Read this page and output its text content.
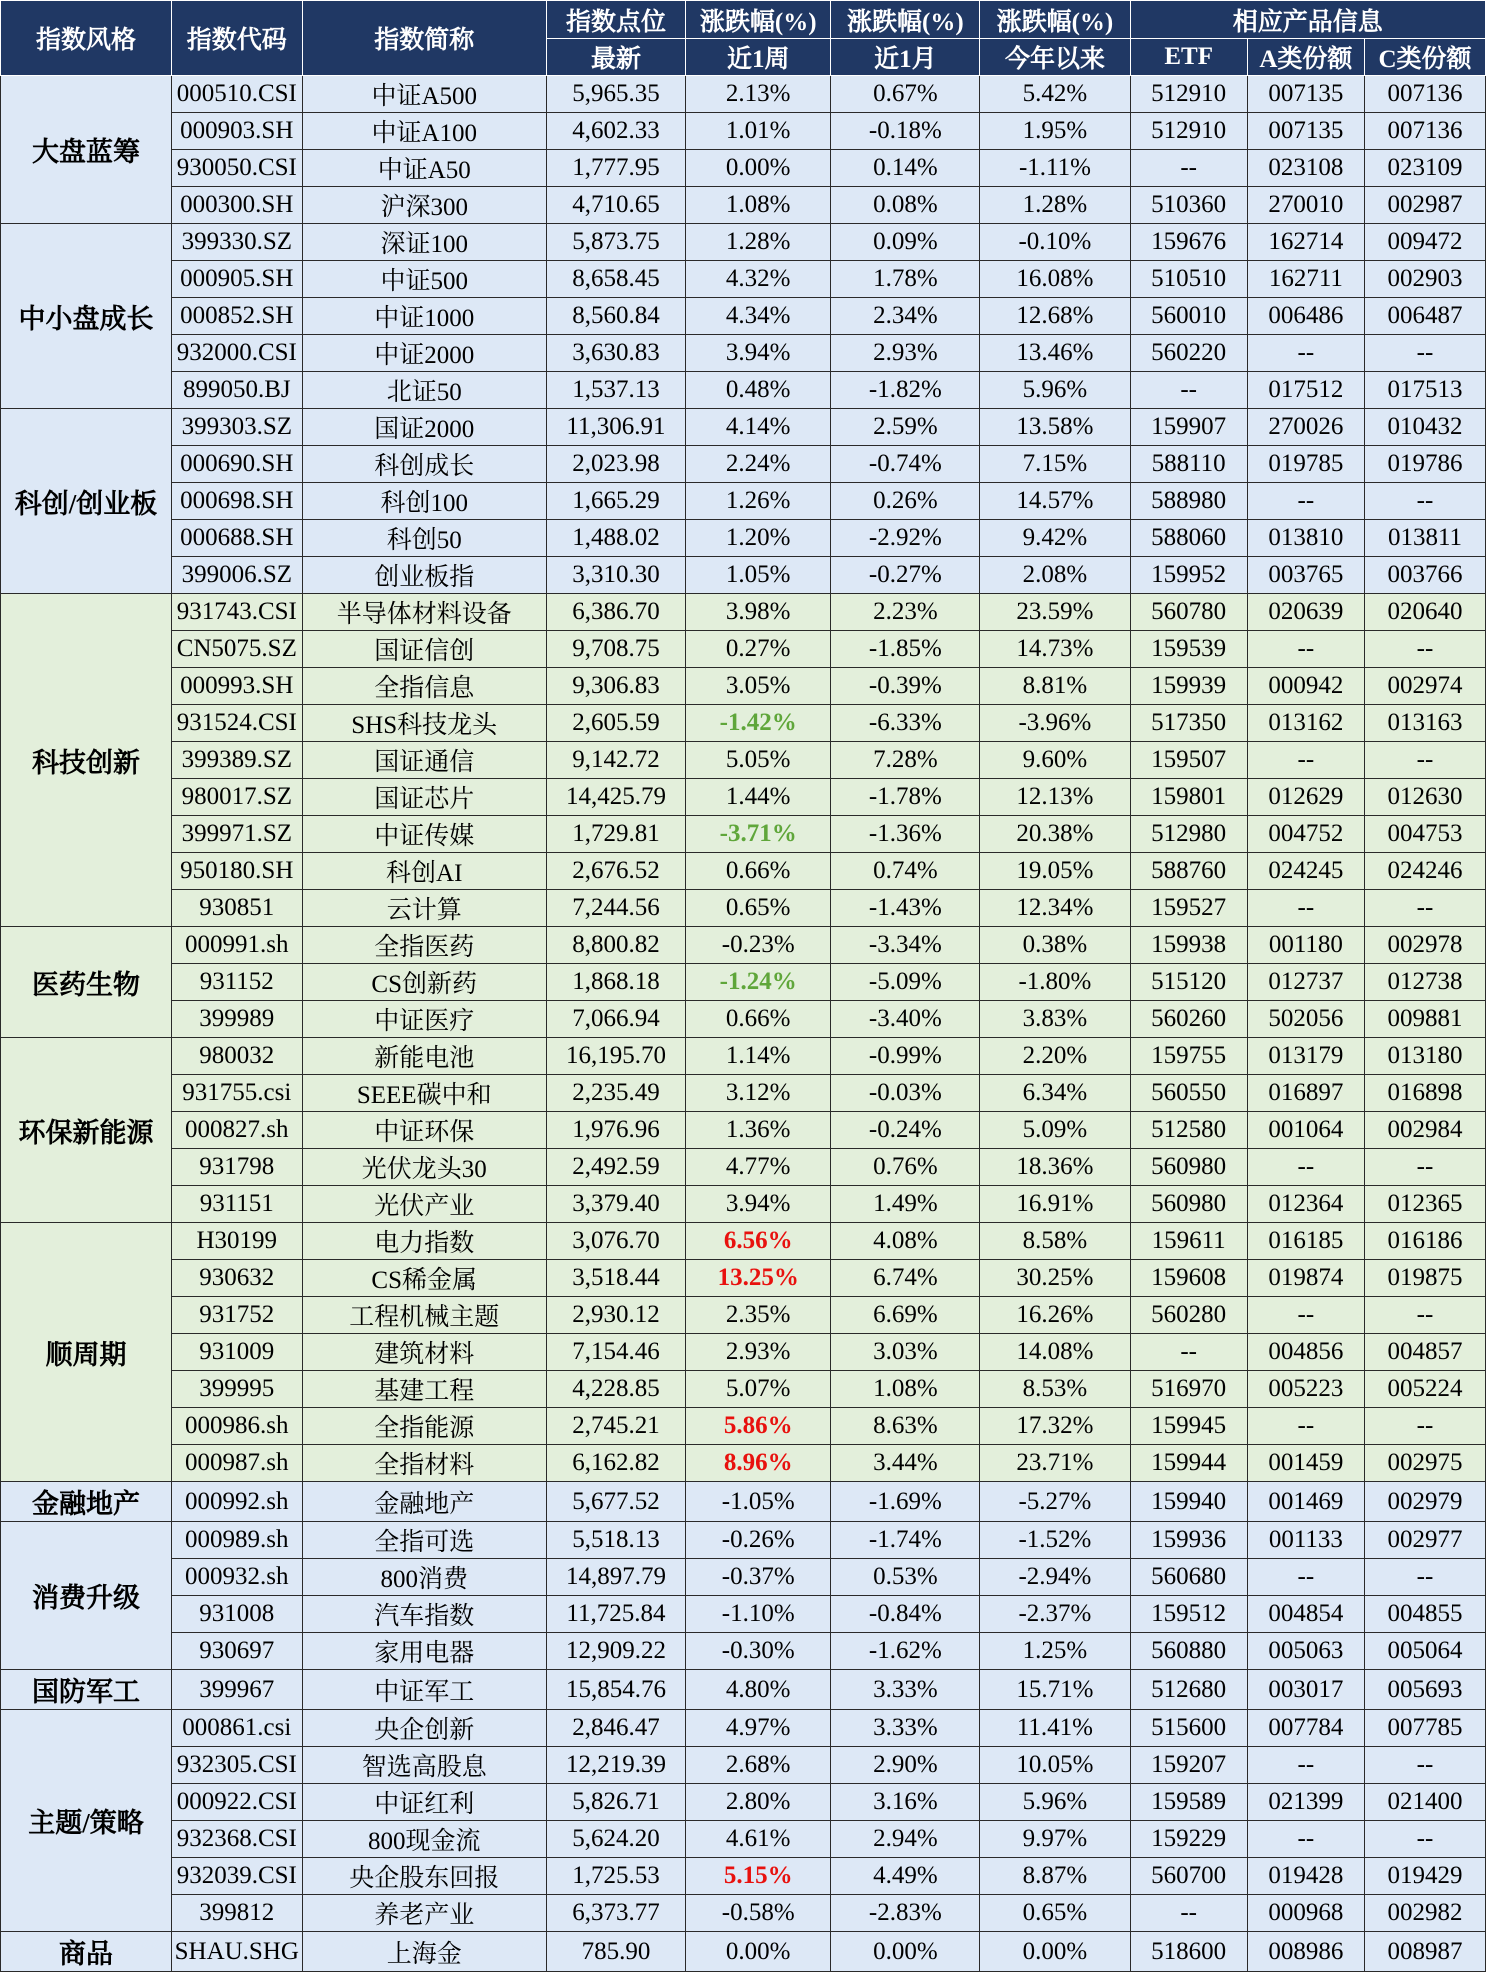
指数风格	指数代码	指数简称	指数点位	涨跌幅(%)	涨跌幅(%)	涨跌幅(%)	相应产品信息		
			最新	近1周	近1月	今年以来	ETF	A类份额	C类份额
大盘蓝筹	000510.CSI	中证A500	5,965.35	2.13%	0.67%	5.42%	512910	007135	007136
	000903.SH	中证A100	4,602.33	1.01%	-0.18%	1.95%	512910	007135	007136
	930050.CSI	中证A50	1,777.95	0.00%	0.14%	-1.11%	--	023108	023109
	000300.SH	沪深300	4,710.65	1.08%	0.08%	1.28%	510360	270010	002987
中小盘成长	399330.SZ	深证100	5,873.75	1.28%	0.09%	-0.10%	159676	162714	009472
	000905.SH	中证500	8,658.45	4.32%	1.78%	16.08%	510510	162711	002903
	000852.SH	中证1000	8,560.84	4.34%	2.34%	12.68%	560010	006486	006487
	932000.CSI	中证2000	3,630.83	3.94%	2.93%	13.46%	560220	--	--
	899050.BJ	北证50	1,537.13	0.48%	-1.82%	5.96%	--	017512	017513
科创/创业板	399303.SZ	国证2000	11,306.91	4.14%	2.59%	13.58%	159907	270026	010432
	000690.SH	科创成长	2,023.98	2.24%	-0.74%	7.15%	588110	019785	019786
	000698.SH	科创100	1,665.29	1.26%	0.26%	14.57%	588980	--	--
	000688.SH	科创50	1,488.02	1.20%	-2.92%	9.42%	588060	013810	013811
	399006.SZ	创业板指	3,310.30	1.05%	-0.27%	2.08%	159952	003765	003766
科技创新	931743.CSI	半导体材料设备	6,386.70	3.98%	2.23%	23.59%	560780	020639	020640
	CN5075.SZ	国证信创	9,708.75	0.27%	-1.85%	14.73%	159539	--	--
	000993.SH	全指信息	9,306.83	3.05%	-0.39%	8.81%	159939	000942	002974
	931524.CSI	SHS科技龙头	2,605.59	-1.42%	-6.33%	-3.96%	517350	013162	013163
	399389.SZ	国证通信	9,142.72	5.05%	7.28%	9.60%	159507	--	--
	980017.SZ	国证芯片	14,425.79	1.44%	-1.78%	12.13%	159801	012629	012630
	399971.SZ	中证传媒	1,729.81	-3.71%	-1.36%	20.38%	512980	004752	004753
	950180.SH	科创AI	2,676.52	0.66%	0.74%	19.05%	588760	024245	024246
	930851	云计算	7,244.56	0.65%	-1.43%	12.34%	159527	--	--
医药生物	000991.sh	全指医药	8,800.82	-0.23%	-3.34%	0.38%	159938	001180	002978
	931152	CS创新药	1,868.18	-1.24%	-5.09%	-1.80%	515120	012737	012738
	399989	中证医疗	7,066.94	0.66%	-3.40%	3.83%	560260	502056	009881
环保新能源	980032	新能电池	16,195.70	1.14%	-0.99%	2.20%	159755	013179	013180
	931755.csi	SEEE碳中和	2,235.49	3.12%	-0.03%	6.34%	560550	016897	016898
	000827.sh	中证环保	1,976.96	1.36%	-0.24%	5.09%	512580	001064	002984
	931798	光伏龙头30	2,492.59	4.77%	0.76%	18.36%	560980	--	--
	931151	光伏产业	3,379.40	3.94%	1.49%	16.91%	560980	012364	012365
顺周期	H30199	电力指数	3,076.70	6.56%	4.08%	8.58%	159611	016185	016186
	930632	CS稀金属	3,518.44	13.25%	6.74%	30.25%	159608	019874	019875
	931752	工程机械主题	2,930.12	2.35%	6.69%	16.26%	560280	--	--
	931009	建筑材料	7,154.46	2.93%	3.03%	14.08%	--	004856	004857
	399995	基建工程	4,228.85	5.07%	1.08%	8.53%	516970	005223	005224
	000986.sh	全指能源	2,745.21	5.86%	8.63%	17.32%	159945	--	--
	000987.sh	全指材料	6,162.82	8.96%	3.44%	23.71%	159944	001459	002975
金融地产	000992.sh	金融地产	5,677.52	-1.05%	-1.69%	-5.27%	159940	001469	002979
消费升级	000989.sh	全指可选	5,518.13	-0.26%	-1.74%	-1.52%	159936	001133	002977
	000932.sh	800消费	14,897.79	-0.37%	0.53%	-2.94%	560680	--	--
	931008	汽车指数	11,725.84	-1.10%	-0.84%	-2.37%	159512	004854	004855
	930697	家用电器	12,909.22	-0.30%	-1.62%	1.25%	560880	005063	005064
国防军工	399967	中证军工	15,854.76	4.80%	3.33%	15.71%	512680	003017	005693
主题/策略	000861.csi	央企创新	2,846.47	4.97%	3.33%	11.41%	515600	007784	007785
	932305.CSI	智选高股息	12,219.39	2.68%	2.90%	10.05%	159207	--	--
	000922.CSI	中证红利	5,826.71	2.80%	3.16%	5.96%	159589	021399	021400
	932368.CSI	800现金流	5,624.20	4.61%	2.94%	9.97%	159229	--	--
	932039.CSI	央企股东回报	1,725.53	5.15%	4.49%	8.87%	560700	019428	019429
	399812	养老产业	6,373.77	-0.58%	-2.83%	0.65%	--	000968	002982
商品	SHAU.SHG	上海金	785.90	0.00%	0.00%	0.00%	518600	008986	008987
